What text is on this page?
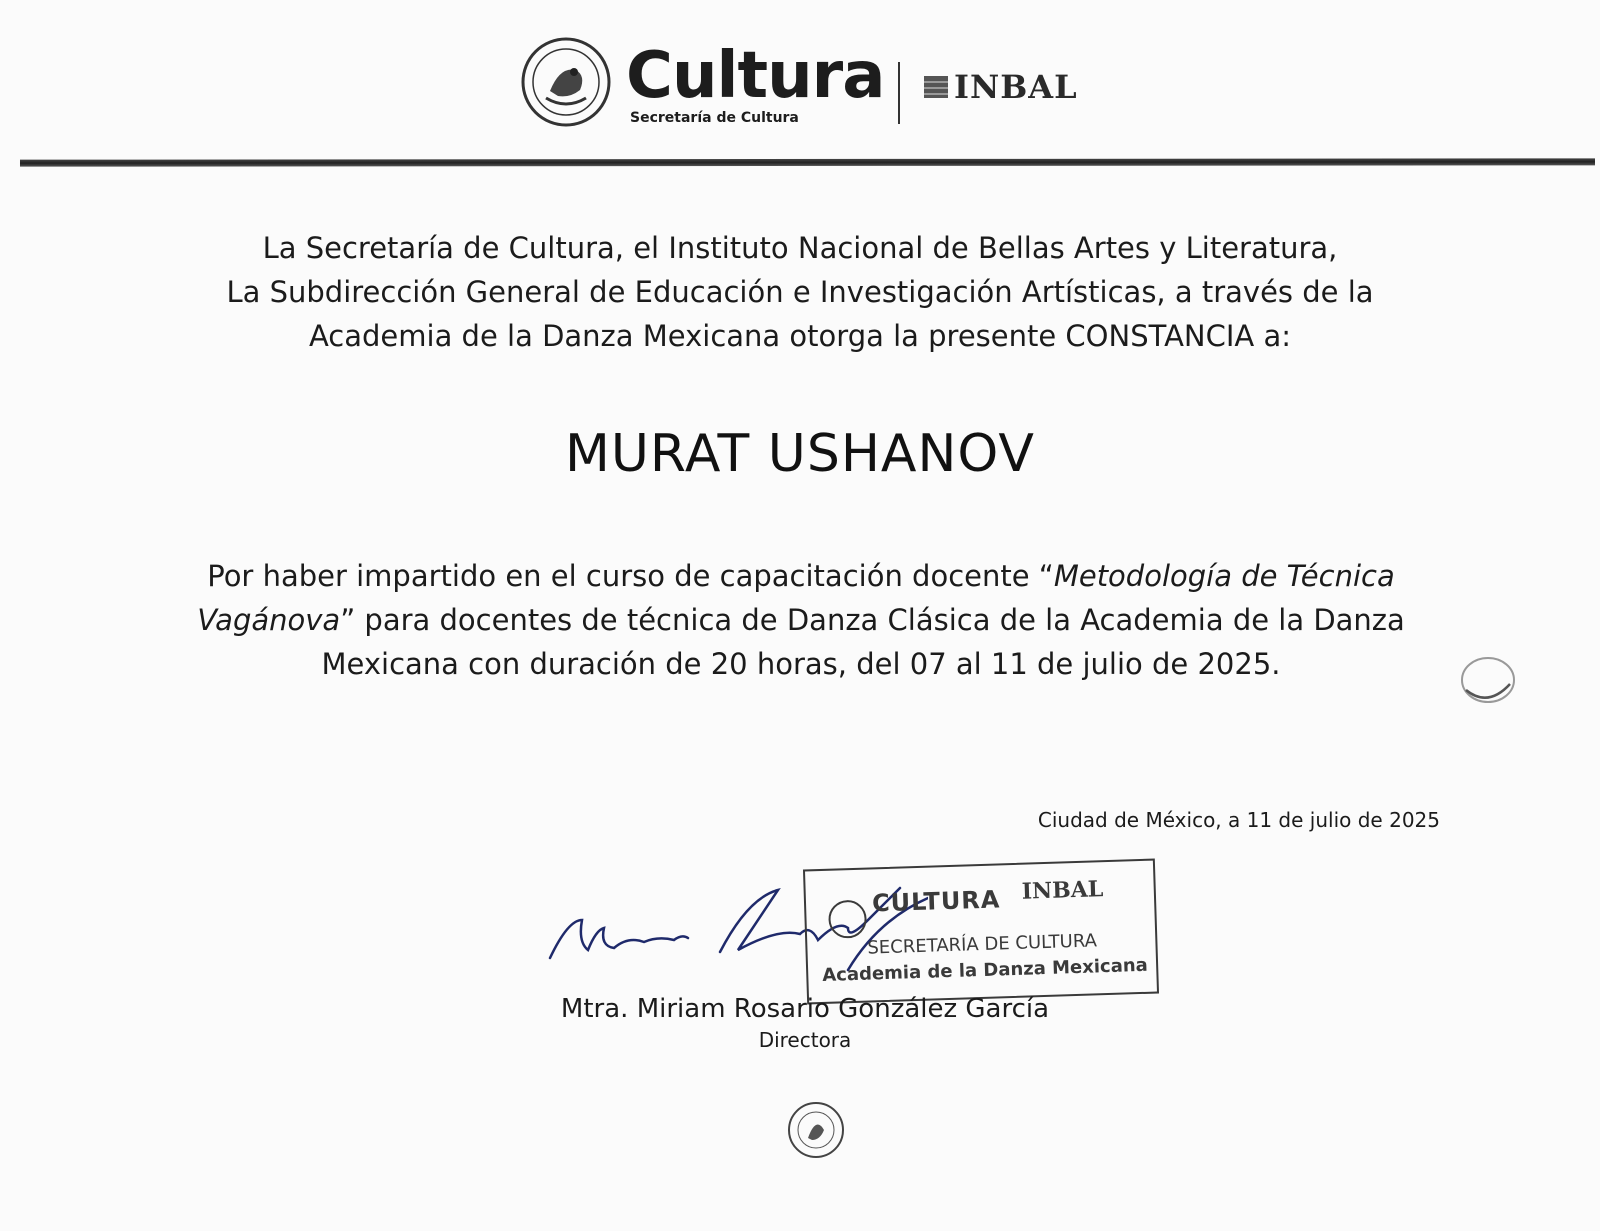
Cultura
Secretaría de Cultura
INBAL
La Secretaría de Cultura, el Instituto Nacional de Bellas Artes y Literatura,
La Subdirección General de Educación e Investigación Artísticas, a través de la
Academia de la Danza Mexicana otorga la presente CONSTANCIA a:
MURAT USHANOV
Por haber impartido en el curso de capacitación docente “Metodología de Técnica Vagánova” para docentes de técnica de Danza Clásica de la Academia de la Danza Mexicana con duración de 20 horas, del 07 al 11 de julio de 2025.
Ciudad de México, a 11 de julio de 2025
CULTURA INBAL
SECRETARÍA DE CULTURA
Academia de la Danza Mexicana
Mtra. Miriam Rosario González García
Directora
